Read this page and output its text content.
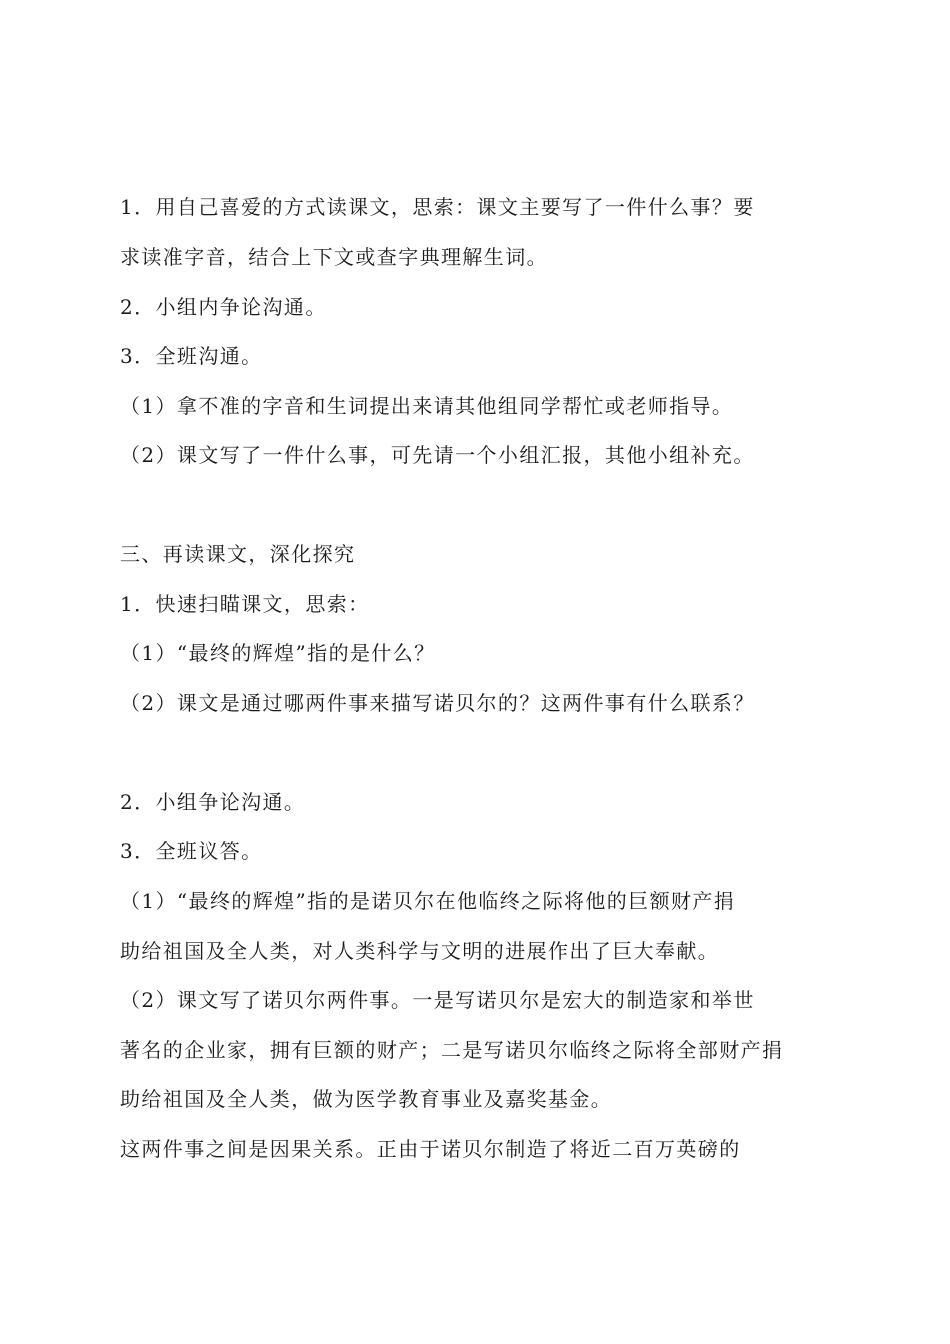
1．用自己喜爱的方式读课文，思索：课文主要写了一件什么事？要
求读准字音，结合上下文或查字典理解生词。
2．小组内争论沟通。
3．全班沟通。
（1）拿不准的字音和生词提出来请其他组同学帮忙或老师指导。
（2）课文写了一件什么事，可先请一个小组汇报，其他小组补充。
三、再读课文，深化探究
1．快速扫瞄课文，思索：
（1）“最终的辉煌”指的是什么？
（2）课文是通过哪两件事来描写诺贝尔的？这两件事有什么联系？
2．小组争论沟通。
3．全班议答。
（1）“最终的辉煌”指的是诺贝尔在他临终之际将他的巨额财产捐
助给祖国及全人类，对人类科学与文明的进展作出了巨大奉献。
（2）课文写了诺贝尔两件事。一是写诺贝尔是宏大的制造家和举世
著名的企业家，拥有巨额的财产；二是写诺贝尔临终之际将全部财产捐
助给祖国及全人类，做为医学教育事业及嘉奖基金。
这两件事之间是因果关系。正由于诺贝尔制造了将近二百万英磅的
